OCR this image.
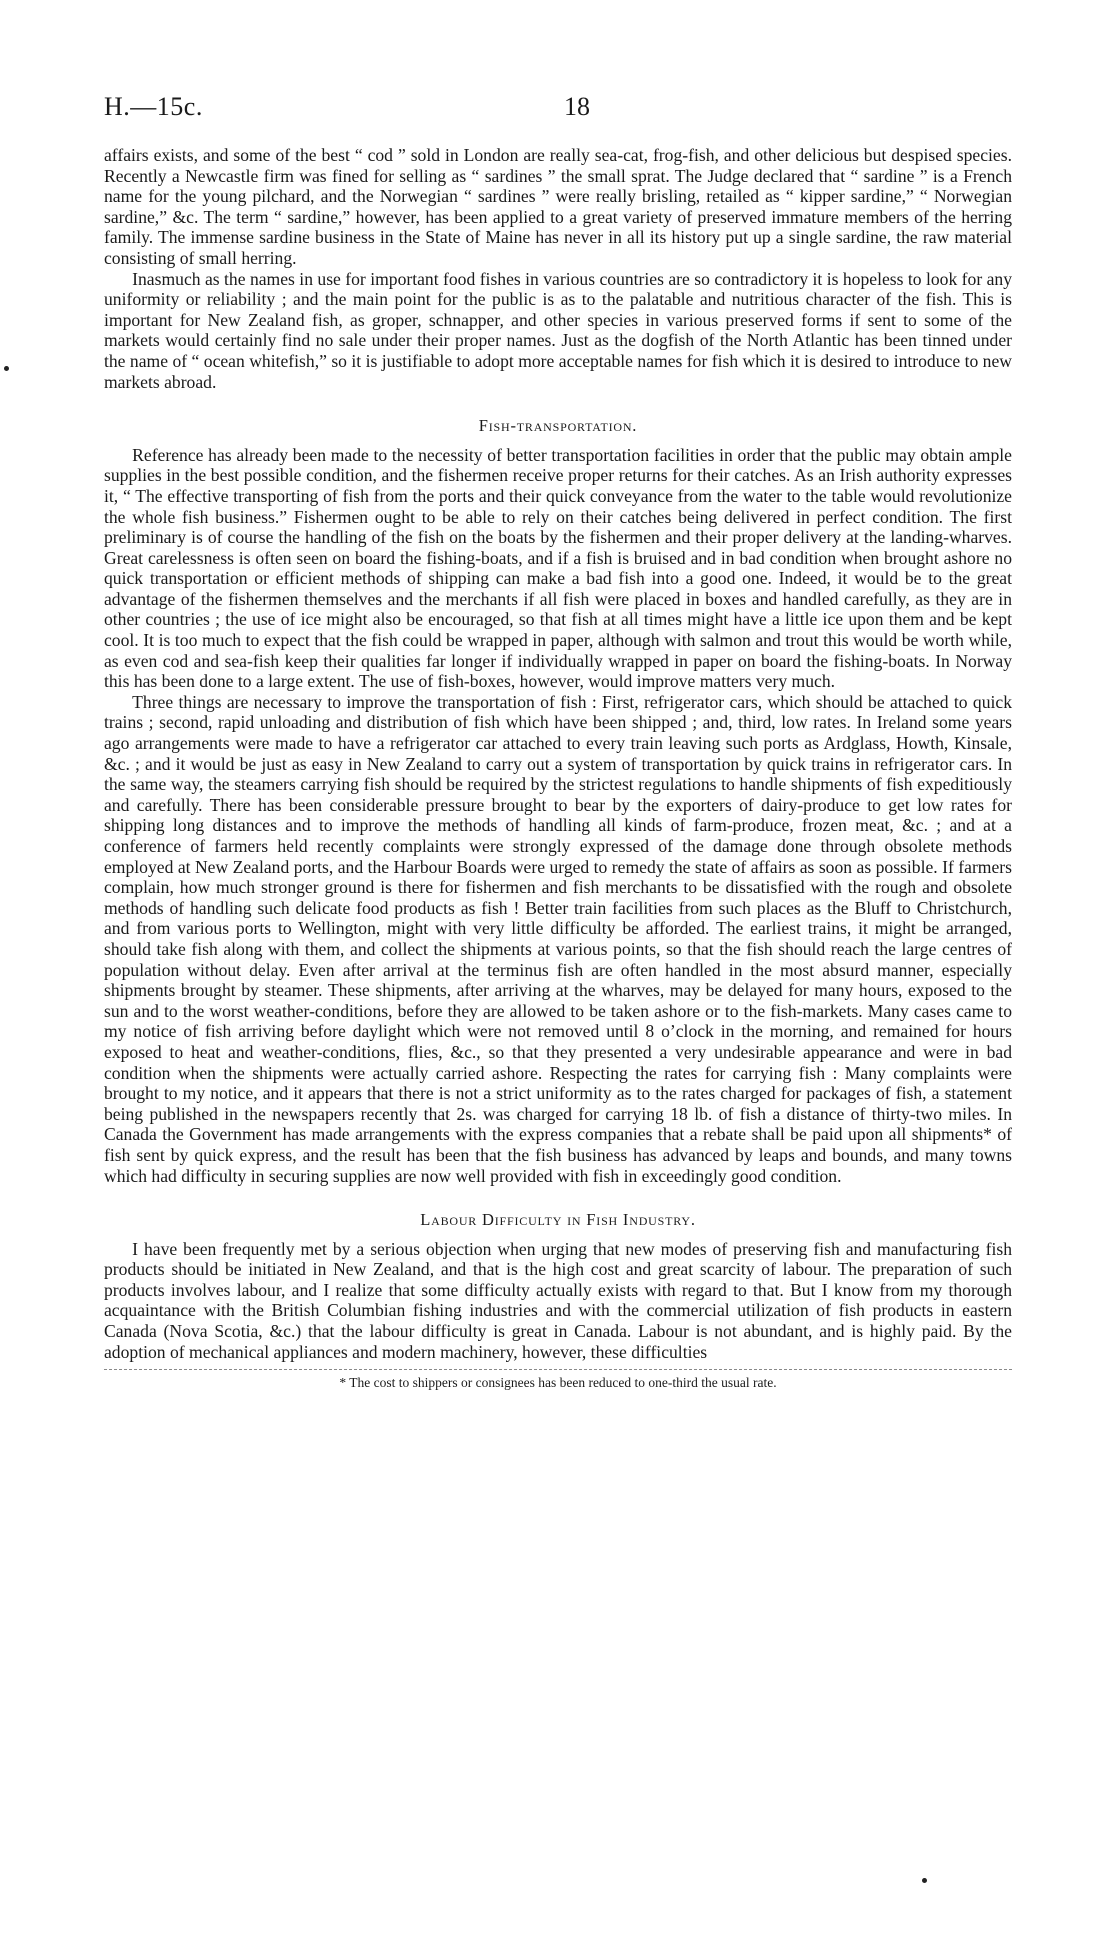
H.—15c.	18

affairs exists, and some of the best “ cod ” sold in London are really sea-cat, frog-fish, and other delicious but despised species. Recently a Newcastle firm was fined for selling as “ sardines ” the small sprat. The Judge declared that “ sardine ” is a French name for the young pilchard, and the Norwegian “ sardines ” were really brisling, retailed as “ kipper sardine,” “ Norwegian sardine,” &c. The term “ sardine,” however, has been applied to a great variety of preserved immature members of the herring family. The immense sardine business in the State of Maine has never in all its history put up a single sardine, the raw material consisting of small herring.

Inasmuch as the names in use for important food fishes in various countries are so contradictory it is hopeless to look for any uniformity or reliability ; and the main point for the public is as to the palatable and nutritious character of the fish. This is important for New Zealand fish, as groper, schnapper, and other species in various preserved forms if sent to some of the markets would certainly find no sale under their proper names. Just as the dogfish of the North Atlantic has been tinned under the name of “ ocean whitefish,” so it is justifiable to adopt more acceptable names for fish which it is desired to introduce to new markets abroad.

Fish-transportation.

Reference has already been made to the necessity of better transportation facilities in order that the public may obtain ample supplies in the best possible condition, and the fishermen receive proper returns for their catches. As an Irish authority expresses it, “ The effective transporting of fish from the ports and their quick conveyance from the water to the table would revolutionize the whole fish business.” Fishermen ought to be able to rely on their catches being delivered in perfect condition. The first preliminary is of course the handling of the fish on the boats by the fishermen and their proper delivery at the landing-wharves. Great carelessness is often seen on board the fishing-boats, and if a fish is bruised and in bad condition when brought ashore no quick transportation or efficient methods of shipping can make a bad fish into a good one. Indeed, it would be to the great advantage of the fishermen themselves and the merchants if all fish were placed in boxes and handled carefully, as they are in other countries ; the use of ice might also be encouraged, so that fish at all times might have a little ice upon them and be kept cool. It is too much to expect that the fish could be wrapped in paper, although with salmon and trout this would be worth while, as even cod and sea-fish keep their qualities far longer if individually wrapped in paper on board the fishing-boats. In Norway this has been done to a large extent. The use of fish-boxes, however, would improve matters very much.

Three things are necessary to improve the transportation of fish : First, refrigerator cars, which should be attached to quick trains ; second, rapid unloading and distribution of fish which have been shipped ; and, third, low rates. In Ireland some years ago arrangements were made to have a refrigerator car attached to every train leaving such ports as Ardglass, Howth, Kinsale, &c. ; and it would be just as easy in New Zealand to carry out a system of transportation by quick trains in refrigerator cars. In the same way, the steamers carrying fish should be required by the strictest regulations to handle shipments of fish expeditiously and carefully. There has been considerable pressure brought to bear by the exporters of dairy-produce to get low rates for shipping long distances and to improve the methods of handling all kinds of farm-produce, frozen meat, &c. ; and at a conference of farmers held recently complaints were strongly expressed of the damage done through obsolete methods employed at New Zealand ports, and the Harbour Boards were urged to remedy the state of affairs as soon as possible. If farmers complain, how much stronger ground is there for fishermen and fish merchants to be dissatisfied with the rough and obsolete methods of handling such delicate food products as fish ! Better train facilities from such places as the Bluff to Christchurch, and from various ports to Wellington, might with very little difficulty be afforded. The earliest trains, it might be arranged, should take fish along with them, and collect the shipments at various points, so that the fish should reach the large centres of population without delay. Even after arrival at the terminus fish are often handled in the most absurd manner, especially shipments brought by steamer. These shipments, after arriving at the wharves, may be delayed for many hours, exposed to the sun and to the worst weather-conditions, before they are allowed to be taken ashore or to the fish-markets. Many cases came to my notice of fish arriving before daylight which were not removed until 8 o’clock in the morning, and remained for hours exposed to heat and weather-conditions, flies, &c., so that they presented a very undesirable appearance and were in bad condition when the shipments were actually carried ashore. Respecting the rates for carrying fish : Many complaints were brought to my notice, and it appears that there is not a strict uniformity as to the rates charged for packages of fish, a statement being published in the newspapers recently that 2s. was charged for carrying 18 lb. of fish a distance of thirty-two miles. In Canada the Government has made arrangements with the express companies that a rebate shall be paid upon all shipments* of fish sent by quick express, and the result has been that the fish business has advanced by leaps and bounds, and many towns which had difficulty in securing supplies are now well provided with fish in exceedingly good condition.

Labour Difficulty in Fish Industry.

I have been frequently met by a serious objection when urging that new modes of preserving fish and manufacturing fish products should be initiated in New Zealand, and that is the high cost and great scarcity of labour. The preparation of such products involves labour, and I realize that some difficulty actually exists with regard to that. But I know from my thorough acquaintance with the British Columbian fishing industries and with the commercial utilization of fish products in eastern Canada (Nova Scotia, &c.) that the labour difficulty is great in Canada. Labour is not abundant, and is highly paid. By the adoption of mechanical appliances and modern machinery, however, these difficulties

* The cost to shippers or consignees has been reduced to one-third the usual rate.
